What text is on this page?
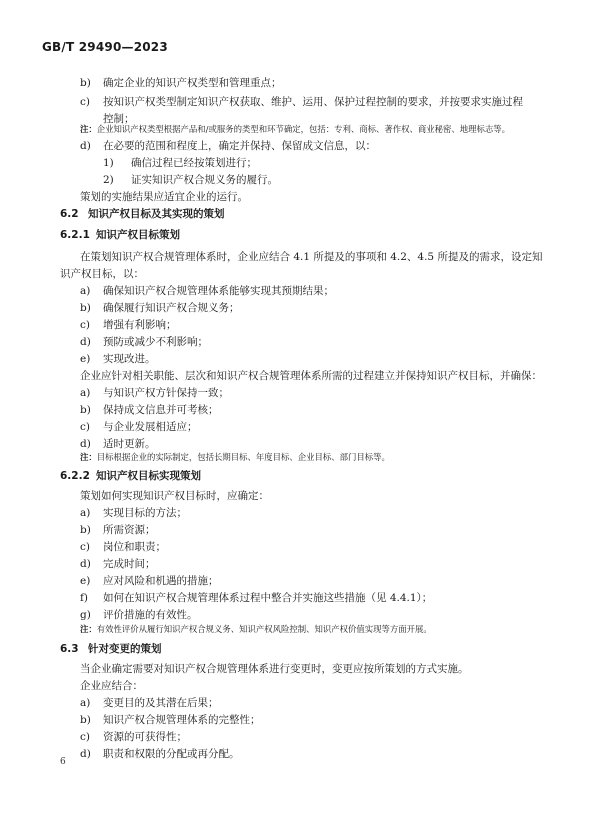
GB/T 29490—2023
b) 确定企业的知识产权类型和管理重点；
c) 按知识产权类型制定知识产权获取、维护、运用、保护过程控制的要求，并按要求实施过程
控制；
注：企业知识产权类型根据产品和/或服务的类型和环节确定，包括：专利、商标、著作权、商业秘密、地理标志等。
d) 在必要的范围和程度上，确定并保持、保留成文信息，以：
1) 确信过程已经按策划进行；
2) 证实知识产权合规义务的履行。
策划的实施结果应适宜企业的运行。
6.2 知识产权目标及其实现的策划
6.2.1 知识产权目标策划
在策划知识产权合规管理体系时，企业应结合 4.1 所提及的事项和 4.2、4.5 所提及的需求，设定知
识产权目标，以：
a) 确保知识产权合规管理体系能够实现其预期结果；
b) 确保履行知识产权合规义务；
c) 增强有利影响；
d) 预防或减少不利影响；
e) 实现改进。
企业应针对相关职能、层次和知识产权合规管理体系所需的过程建立并保持知识产权目标，并确保：
a) 与知识产权方针保持一致；
b) 保持成文信息并可考核；
c) 与企业发展相适应；
d) 适时更新。
注：目标根据企业的实际制定，包括长期目标、年度目标、企业目标、部门目标等。
6.2.2 知识产权目标实现策划
策划如何实现知识产权目标时，应确定：
a) 实现目标的方法；
b) 所需资源；
c) 岗位和职责；
d) 完成时间；
e) 应对风险和机遇的措施；
f) 如何在知识产权合规管理体系过程中整合并实施这些措施（见 4.4.1）；
g) 评价措施的有效性。
注：有效性评价从履行知识产权合规义务、知识产权风险控制、知识产权价值实现等方面开展。
6.3 针对变更的策划
当企业确定需要对知识产权合规管理体系进行变更时，变更应按所策划的方式实施。
企业应结合：
a) 变更目的及其潜在后果；
b) 知识产权合规管理体系的完整性；
c) 资源的可获得性；
d) 职责和权限的分配或再分配。
6
